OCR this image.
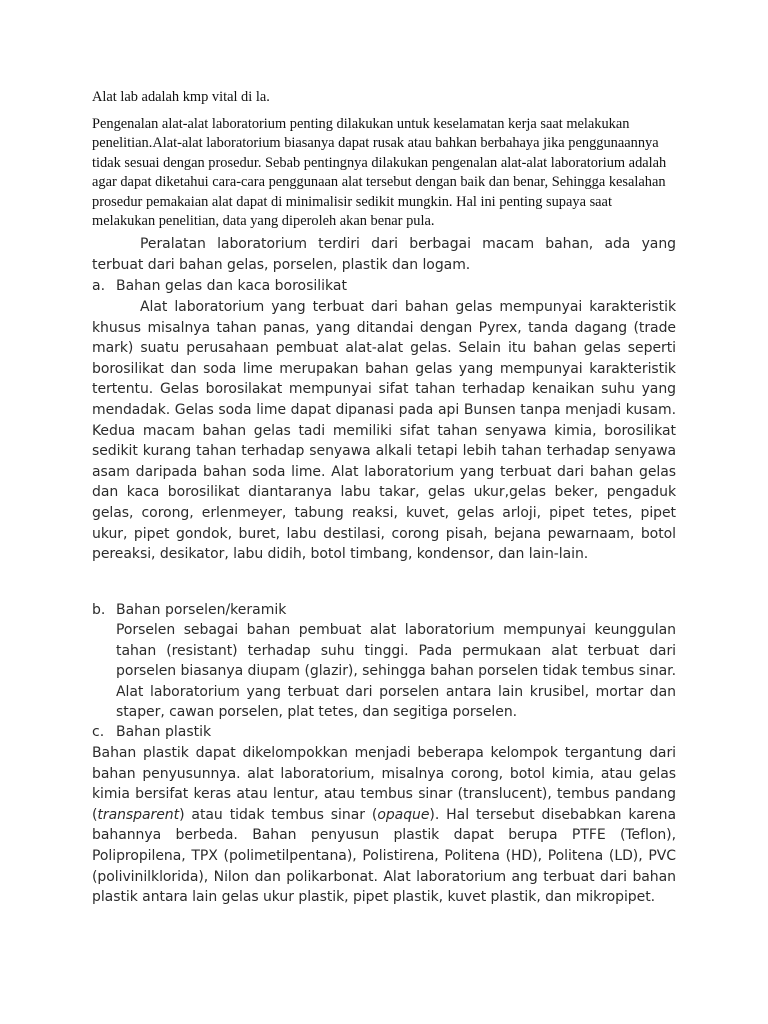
Alat lab adalah kmp vital di la.
Pengenalan alat-alat laboratorium penting dilakukan untuk keselamatan kerja saat melakukan penelitian.Alat-alat laboratorium biasanya dapat rusak atau bahkan berbahaya jika penggunaannya tidak sesuai dengan prosedur. Sebab pentingnya dilakukan pengenalan alat-alat laboratorium adalah agar dapat diketahui cara-cara penggunaan alat tersebut dengan baik dan benar, Sehingga kesalahan prosedur pemakaian alat dapat di minimalisir sedikit mungkin. Hal ini penting supaya saat melakukan penelitian, data yang diperoleh akan benar pula.

Peralatan laboratorium terdiri dari berbagai macam bahan, ada yang terbuat dari bahan gelas, porselen, plastik dan logam.

a. Bahan gelas dan kaca borosilikat

Alat laboratorium yang terbuat dari bahan gelas mempunyai karakteristik khusus misalnya tahan panas, yang ditandai dengan Pyrex, tanda dagang (trade mark) suatu perusahaan pembuat alat-alat gelas. Selain itu bahan gelas seperti borosilikat dan soda lime merupakan bahan gelas yang mempunyai karakteristik tertentu. Gelas borosilakat mempunyai sifat tahan terhadap kenaikan suhu yang mendadak. Gelas soda lime dapat dipanasi pada api Bunsen tanpa menjadi kusam. Kedua macam bahan gelas tadi memiliki sifat tahan senyawa kimia, borosilikat sedikit kurang tahan terhadap senyawa alkali tetapi lebih tahan terhadap senyawa asam daripada bahan soda lime. Alat laboratorium yang terbuat dari bahan gelas dan kaca borosilikat diantaranya labu takar, gelas ukur,gelas beker, pengaduk gelas, corong, erlenmeyer, tabung reaksi, kuvet, gelas arloji, pipet tetes, pipet ukur, pipet gondok, buret, labu destilasi, corong pisah, bejana pewarnaam, botol pereaksi, desikator, labu didih, botol timbang, kondensor, dan lain-lain.

b. Bahan porselen/keramik

Porselen sebagai bahan pembuat alat laboratorium mempunyai keunggulan tahan (resistant) terhadap suhu tinggi. Pada permukaan alat terbuat dari porselen biasanya diupam (glazir), sehingga bahan porselen tidak tembus sinar. Alat laboratorium yang terbuat dari porselen antara lain krusibel, mortar dan staper, cawan porselen, plat tetes, dan segitiga porselen.

c. Bahan plastik

Bahan plastik dapat dikelompokkan menjadi beberapa kelompok tergantung dari bahan penyusunnya. alat laboratorium, misalnya corong, botol kimia, atau gelas kimia bersifat keras atau lentur, atau tembus sinar (translucent), tembus pandang (transparent) atau tidak tembus sinar (opaque). Hal tersebut disebabkan karena bahannya berbeda. Bahan penyusun plastik dapat berupa PTFE (Teflon), Polipropilena, TPX (polimetilpentana), Polistirena, Politena (HD), Politena (LD), PVC (polivinilklorida), Nilon dan polikarbonat. Alat laboratorium ang terbuat dari bahan plastik antara lain gelas ukur plastik, pipet plastik, kuvet plastik, dan mikropipet.
